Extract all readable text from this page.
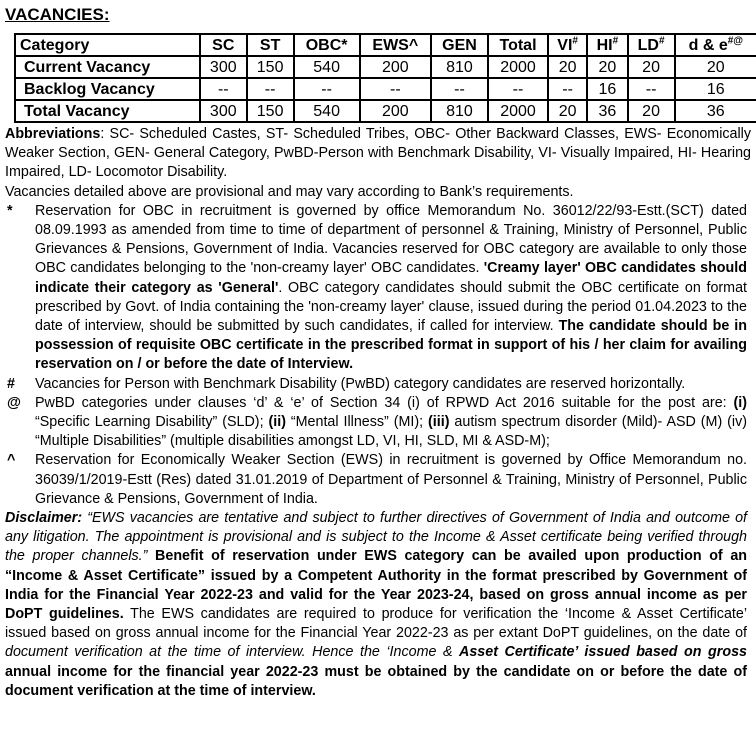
VACANCIES:
Category	SC	ST	OBC*	EWS^	GEN	Total	VI#	HI#	LD#	d & e#@
Current Vacancy	300	150	540	200	810	2000	20	20	20	20
Backlog Vacancy	--	--	--	--	--	--	--	16	--	16
Total Vacancy	300	150	540	200	810	2000	20	36	20	36
Abbreviations: SC- Scheduled Castes, ST- Scheduled Tribes, OBC- Other Backward Classes, EWS- Economically Weaker Section, GEN- General Category, PwBD-Person with Benchmark Disability, VI- Visually Impaired, HI- Hearing Impaired, LD- Locomotor Disability.
Vacancies detailed above are provisional and may vary according to Bank’s requirements.
*	Reservation for OBC in recruitment is governed by office Memorandum No. 36012/22/93-Estt.(SCT) dated 08.09.1993 as amended from time to time of department of personnel & Training, Ministry of Personnel, Public Grievances & Pensions, Government of India. Vacancies reserved for OBC category are available to only those OBC candidates belonging to the 'non-creamy layer' OBC candidates. 'Creamy layer' OBC candidates should indicate their category as 'General'. OBC category candidates should submit the OBC certificate on format prescribed by Govt. of India containing the 'non-creamy layer' clause, issued during the period 01.04.2023 to the date of interview, should be submitted by such candidates, if called for interview. The candidate should be in possession of requisite OBC certificate in the prescribed format in support of his / her claim for availing reservation on / or before the date of Interview.
#	Vacancies for Person with Benchmark Disability (PwBD) category candidates are reserved horizontally.
@ PwBD categories under clauses ‘d’ & ‘e’ of Section 34 (i) of RPWD Act 2016 suitable for the post are: (i) “Specific Learning Disability” (SLD); (ii) “Mental Illness” (MI); (iii) autism spectrum disorder (Mild)- ASD (M) (iv) “Multiple Disabilities” (multiple disabilities amongst LD, VI, HI, SLD, MI & ASD-M);
^	Reservation for Economically Weaker Section (EWS) in recruitment is governed by Office Memorandum no. 36039/1/2019-Estt (Res) dated 31.01.2019 of Department of Personnel & Training, Ministry of Personnel, Public Grievance & Pensions, Government of India.
Disclaimer: “EWS vacancies are tentative and subject to further directives of Government of India and outcome of any litigation. The appointment is provisional and is subject to the Income & Asset certificate being verified through the proper channels.” Benefit of reservation under EWS category can be availed upon production of an “Income & Asset Certificate” issued by a Competent Authority in the format prescribed by Government of India for the Financial Year 2022-23 and valid for the Year 2023-24, based on gross annual income as per DoPT guidelines. The EWS candidates are required to produce for verification the ‘Income & Asset Certificate’ issued based on gross annual income for the Financial Year 2022-23 as per extant DoPT guidelines, on the date of document verification at the time of interview. Hence the ‘Income & Asset Certificate’ issued based on gross annual income for the financial year 2022-23 must be obtained by the candidate on or before the date of document verification at the time of interview.
